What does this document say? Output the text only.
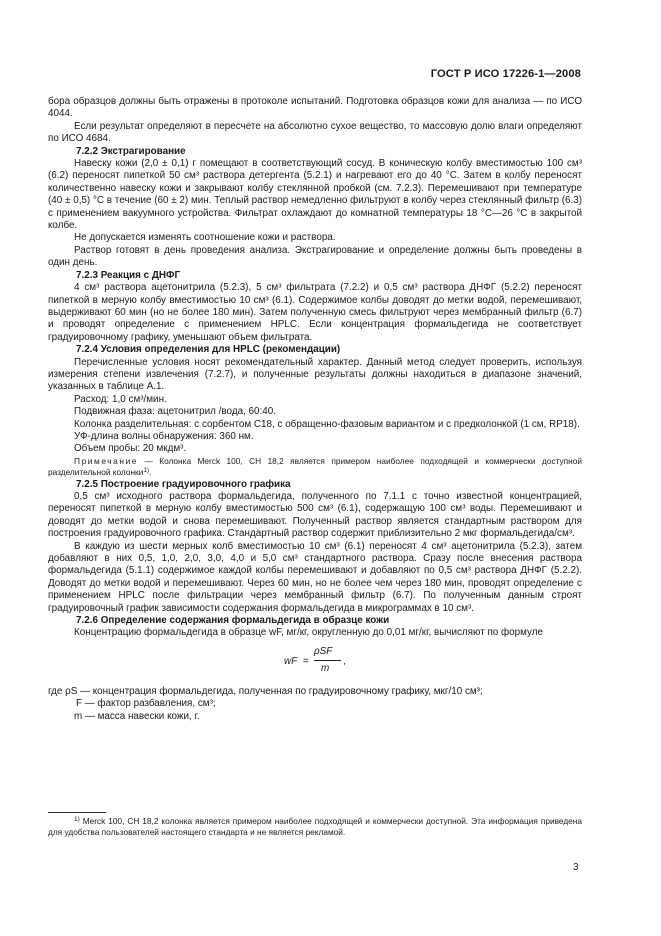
ГОСТ Р ИСО 17226-1—2008

бора образцов должны быть отражены в протоколе испытаний. Подготовка образцов кожи для анализа — по ИСО 4044.

Если результат определяют в пересчете на абсолютно сухое вещество, то массовую долю влаги определяют по ИСО 4684.

7.2.2 Экстрагирование

Навеску кожи (2,0 ± 0,1) г помещают в соответствующий сосуд. В коническую колбу вместимостью 100 см³ (6.2) переносят пипеткой 50 см³ раствора детергента (5.2.1) и нагревают его до 40 °C. Затем в колбу переносят количественно навеску кожи и закрывают колбу стеклянной пробкой (см. 7.2.3). Перемешивают при температуре (40 ± 0,5) °C в течение (60 ± 2) мин. Теплый раствор немедленно фильтруют в колбу через стеклянный фильтр (6.3) с применением вакуумного устройства. Фильтрат охлаждают до комнатной температуры 18 °C—26 °C в закрытой колбе.

Не допускается изменять соотношение кожи и раствора.

Раствор готовят в день проведения анализа. Экстрагирование и определение должны быть проведены в один день.

7.2.3 Реакция с ДНФГ

4 см³ раствора ацетонитрила (5.2.3), 5 см³ фильтрата (7.2.2) и 0,5 см³ раствора ДНФГ (5.2.2) переносят пипеткой в мерную колбу вместимостью 10 см³ (6.1). Содержимое колбы доводят до метки водой, перемешивают, выдерживают 60 мин (но не более 180 мин). Затем полученную смесь фильтруют через мембранный фильтр (6.7) и проводят определение с применением HPLC. Если концентрация формальдегида не соответствует градуировочному графику, уменьшают объем фильтрата.

7.2.4 Условия определения для HPLC (рекомендации)

Перечисленные условия носят рекомендательный характер. Данный метод следует проверить, используя измерения степени извлечения (7.2.7), и полученные результаты должны находиться в диапазоне значений, указанных в таблице А.1.

Расход: 1,0 см³/мин.

Подвижная фаза: ацетонитрил /вода, 60:40.

Колонка разделительная: с сорбентом С18, с обращенно-фазовым вариантом и с предколонкой (1 см, RP18).

УФ-длина волны обнаружения: 360 нм.

Объем пробы: 20 мкдм³.

Примечание — Колонка Merck 100, CH 18,2 является примером наиболее подходящей и коммерчески доступной разделительной колонки$^{1)}$.

7.2.5 Построение градуировочного графика

0,5 см³ исходного раствора формальдегида, полученного по 7.1.1 с точно известной концентрацией, переносят пипеткой в мерную колбу вместимостью 500 см³ (6.1), содержащую 100 см³ воды. Перемешивают и доводят до метки водой и снова перемешивают. Полученный раствор является стандартным раствором для построения градуировочного графика. Стандартный раствор содержит приблизительно 2 мкг формальдегида/см³.

В каждую из шести мерных колб вместимостью 10 см³ (6.1) переносят 4 см³ ацетонитрила (5.2.3), затем добавляют в них 0,5, 1,0, 2,0, 3,0, 4,0 и 5,0 см³ стандартного раствора. Сразу после внесения раствора формальдегида (5.1.1) содержимое каждой колбы перемешивают и добавляют по 0,5 см³ раствора ДНФГ (5.2.2). Доводят до метки водой и перемешивают. Через 60 мин, но не более чем через 180 мин, проводят определение с применением HPLC после фильтрации через мембранный фильтр (6.7). По полученным данным строят градуировочный график зависимости содержания формальдегида в микрограммах в 10 см³.

7.2.6 Определение содержания формальдегида в образце кожи

Концентрацию формальдегида в образце wF, мг/кг, округленную до 0,01 мг/кг, вычисляют по формуле

wF =
ρSF
m
,

где ρS — концентрация формальдегида, полученная по градуировочному графику, мкг/10 см³;

F — фактор разбавления, см³;

m — масса навески кожи, г.

$^{1)}$ Merck 100, CH 18,2 колонка является примером наиболее подходящей и коммерчески доступной. Эта информация приведена для удобства пользователей настоящего стандарта и не является рекламой.
3
